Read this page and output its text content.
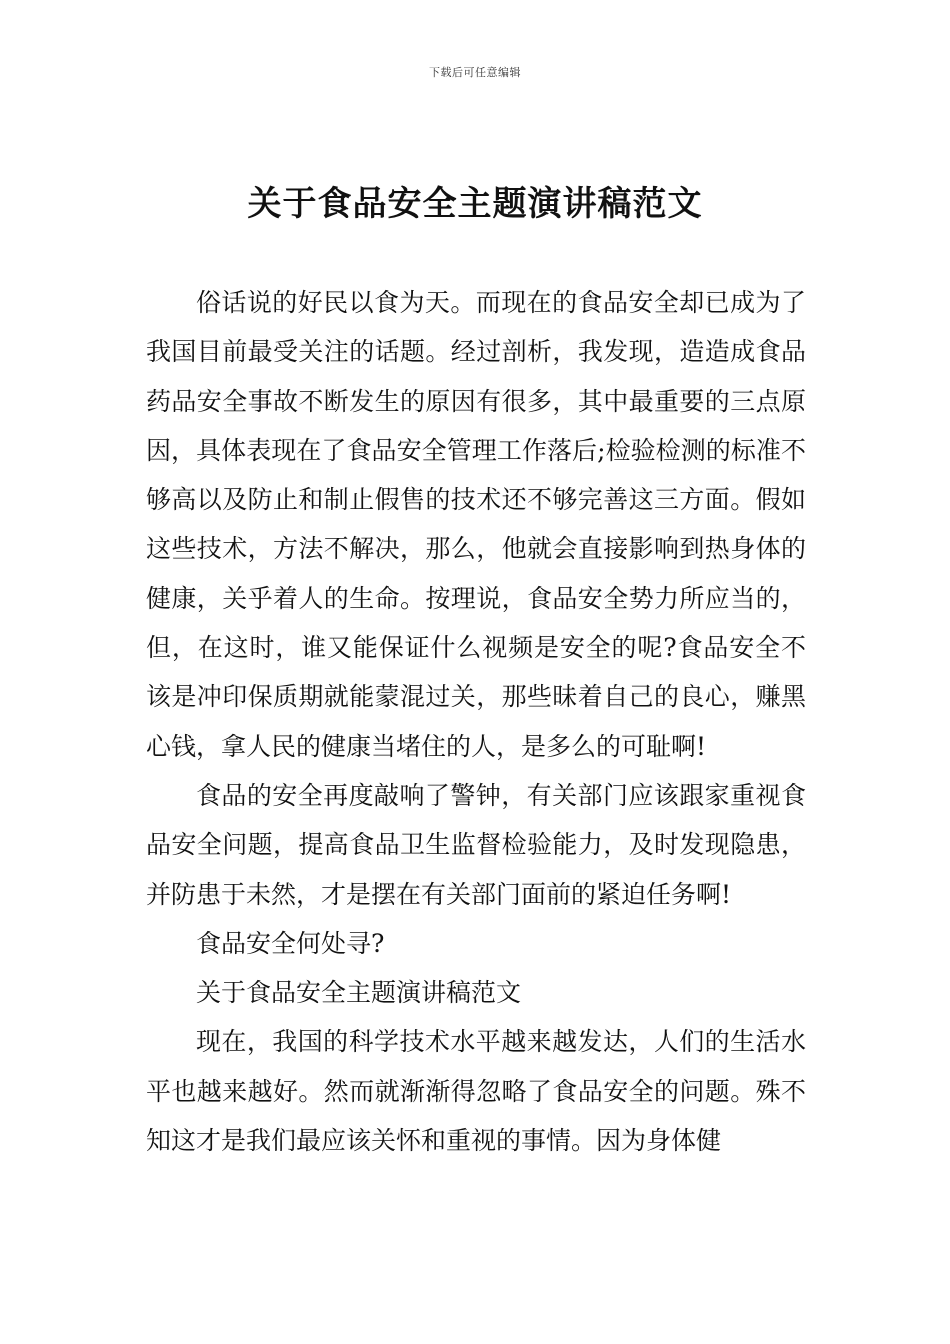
下载后可任意编辑
关于食品安全主题演讲稿范文

俗话说的好民以食为天。而现在的食品安全却已成为了我国目前最受关注的话题。经过剖析，我发现，造造成食品药品安全事故不断发生的原因有很多，其中最重要的三点原因，具体表现在了食品安全管理工作落后;检验检测的标准不够高以及防止和制止假售的技术还不够完善这三方面。假如这些技术，方法不解决，那么，他就会直接影响到热身体的健康，关乎着人的生命。按理说，食品安全势力所应当的，但，在这时，谁又能保证什么视频是安全的呢?食品安全不该是冲印保质期就能蒙混过关，那些昧着自己的良心，赚黑心钱，拿人民的健康当堵住的人，是多么的可耻啊!

食品的安全再度敲响了警钟，有关部门应该跟家重视食品安全问题，提高食品卫生监督检验能力，及时发现隐患，并防患于未然，才是摆在有关部门面前的紧迫任务啊!

食品安全何处寻?

关于食品安全主题演讲稿范文

现在，我国的科学技术水平越来越发达，人们的生活水平也越来越好。然而就渐渐得忽略了食品安全的问题。殊不知这才是我们最应该关怀和重视的事情。因为身体健
